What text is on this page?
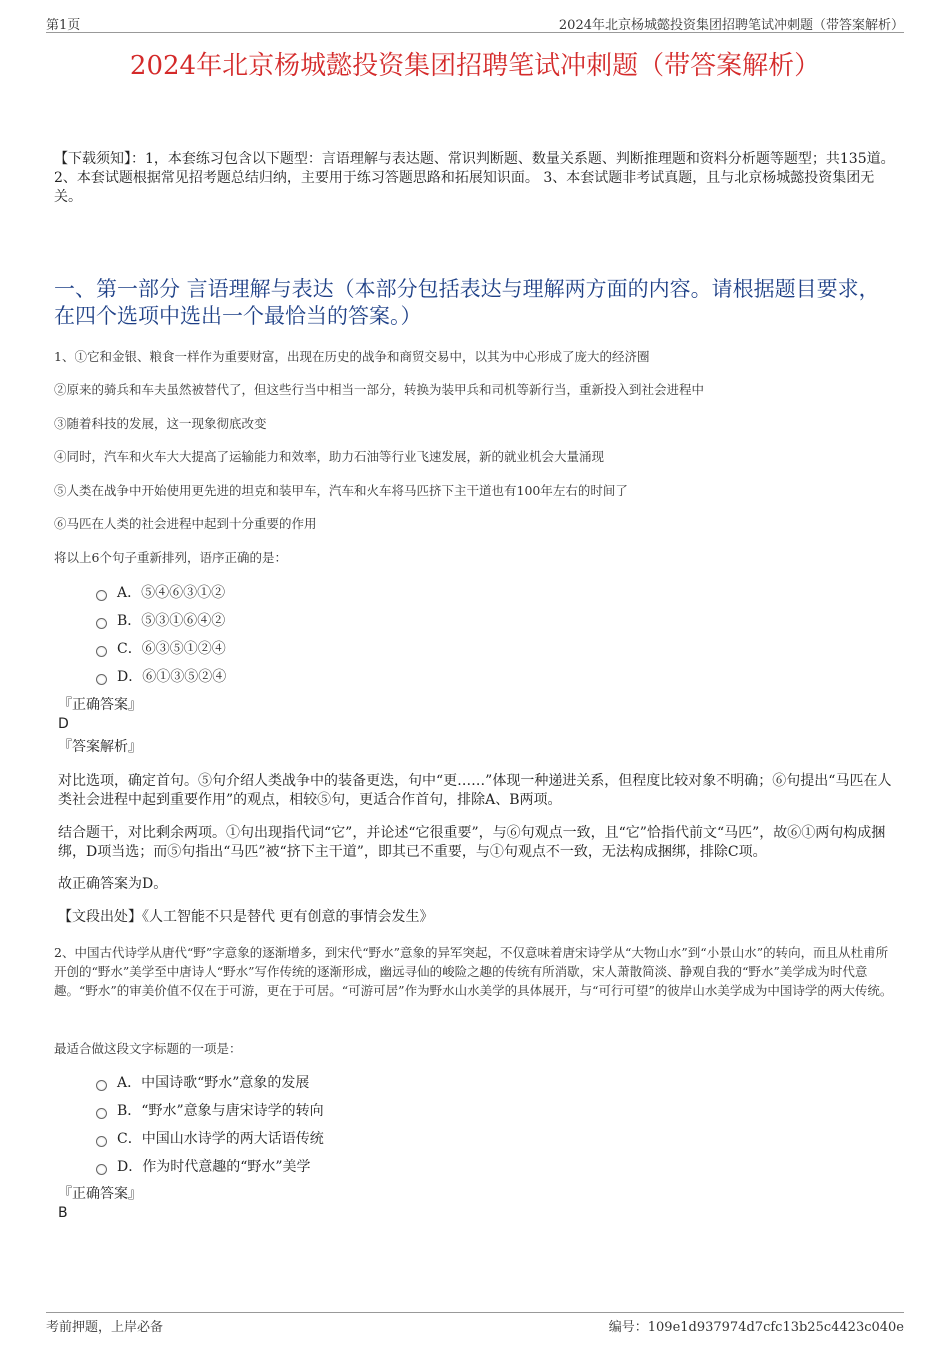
第1页	2024年北京杨城懿投资集团招聘笔试冲刺题（带答案解析）
2024年北京杨城懿投资集团招聘笔试冲刺题（带答案解析）
【下载须知】：1，本套练习包含以下题型：言语理解与表达题、常识判断题、数量关系题、判断推理题和资料分析题等题型；共135道。 2、本套试题根据常见招考题总结归纳，主要用于练习答题思路和拓展知识面。 3、本套试题非考试真题，且与北京杨城懿投资集团无关。
一、第一部分 言语理解与表达（本部分包括表达与理解两方面的内容。请根据题目要求，在四个选项中选出一个最恰当的答案。）
1、①它和金银、粮食一样作为重要财富，出现在历史的战争和商贸交易中，以其为中心形成了庞大的经济圈
②原来的骑兵和车夫虽然被替代了，但这些行当中相当一部分，转换为装甲兵和司机等新行当，重新投入到社会进程中
③随着科技的发展，这一现象彻底改变
④同时，汽车和火车大大提高了运输能力和效率，助力石油等行业飞速发展，新的就业机会大量涌现
⑤人类在战争中开始使用更先进的坦克和装甲车，汽车和火车将马匹挤下主干道也有100年左右的时间了
⑥马匹在人类的社会进程中起到十分重要的作用
将以上6个句子重新排列，语序正确的是：
A．⑤④⑥③①②
B．⑤③①⑥④②
C．⑥③⑤①②④
D．⑥①③⑤②④
『正确答案』
D
『答案解析』
对比选项，确定首句。⑤句介绍人类战争中的装备更迭，句中“更……”体现一种递进关系，但程度比较对象不明确；⑥句提出“马匹在人类社会进程中起到重要作用”的观点，相较⑤句，更适合作首句，排除A、B两项。
结合题干，对比剩余两项。①句出现指代词“它”，并论述“它很重要”，与⑥句观点一致，且“它”恰指代前文“马匹”，故⑥①两句构成捆绑，D项当选；而⑤句指出“马匹”被“挤下主干道”，即其已不重要，与①句观点不一致，无法构成捆绑，排除C项。
故正确答案为D。
【文段出处】《人工智能不只是替代 更有创意的事情会发生》
2、中国古代诗学从唐代“野”字意象的逐渐增多，到宋代“野水”意象的异军突起，不仅意味着唐宋诗学从“大物山水”到“小景山水”的转向，而且从杜甫所开创的“野水”美学至中唐诗人“野水”写作传统的逐渐形成，幽远寻仙的峻险之趣的传统有所消歇，宋人萧散简淡、静观自我的“野水”美学成为时代意趣。“野水”的审美价值不仅在于可游，更在于可居。“可游可居”作为野水山水美学的具体展开，与“可行可望”的彼岸山水美学成为中国诗学的两大传统。
最适合做这段文字标题的一项是：
A．中国诗歌“野水”意象的发展
B．“野水”意象与唐宋诗学的转向
C．中国山水诗学的两大话语传统
D．作为时代意趣的“野水”美学
『正确答案』
B
考前押题，上岸必备	编号：109e1d937974d7cfc13b25c4423c040e
